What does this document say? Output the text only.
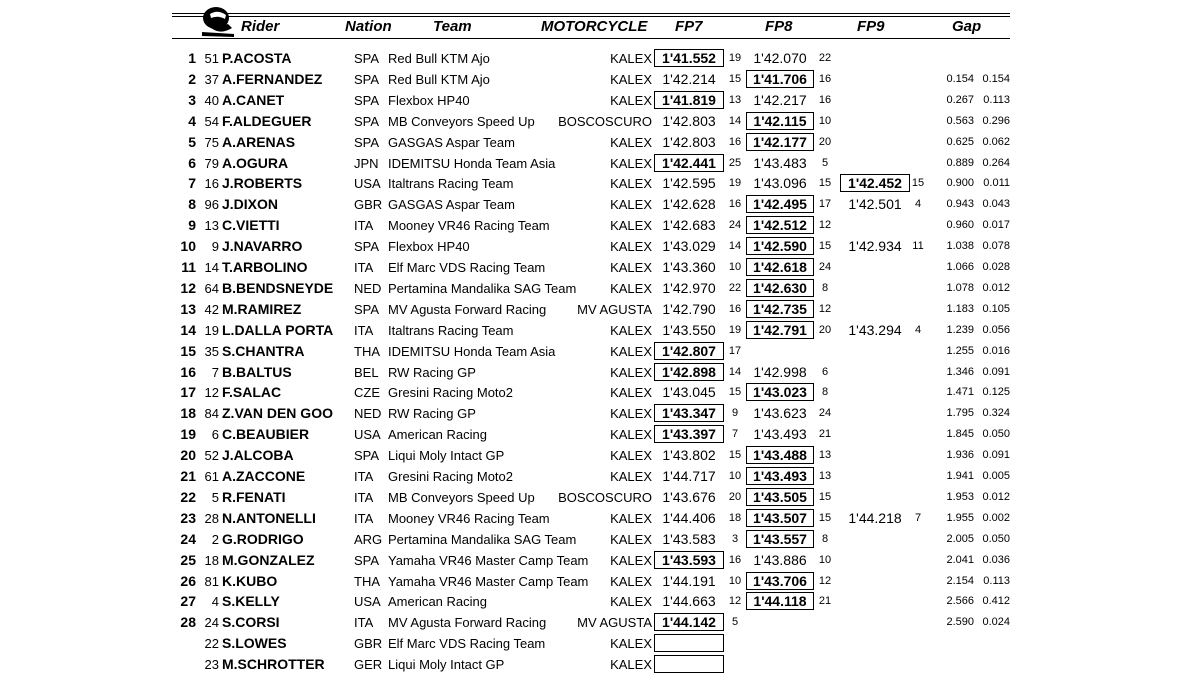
Rider	Nation	Team	MOTORCYCLE FP7	FP8	FP9	Gap
1 51 P.ACOSTA	SPA Red Bull KTM Ajo	KALEX 1'41.552	19 1'42.070	22
2 37 A.FERNANDEZ SPA Red Bull KTM Ajo	KALEX 1'42.214	15 1'41.706	16	0.154 0.154
3 40 A.CANET	SPA Flexbox HP40	KALEX 1'41.819	13 1'42.217	16	0.267 0.113
4 54 F.ALDEGUER	SPA MB Conveyors Speed Up	BOSCOSCURO 1'42.803	14 1'42.115	10	0.563 0.296
5 75 A.ARENAS	SPA GASGAS Aspar Team	KALEX 1'42.803	16 1'42.177	20	0.625 0.062
6 79 A.OGURA	JPN IDEMITSU Honda Team Asia	KALEX 1'42.441	25 1'43.483	5	0.889 0.264
7 16 J.ROBERTS	USA Italtrans Racing Team	KALEX 1'42.595	19 1'43.096	15	1'42.452 15	0.900 0.011
8 96 J.DIXON	GBR GASGAS Aspar Team	KALEX 1'42.628	16 1'42.495	17	1'42.501	4	0.943 0.043
9 13 C.VIETTI	ITA Mooney VR46 Racing Team	KALEX 1'42.683	24 1'42.512	12	0.960 0.017
10	9 J.NAVARRO	SPA Flexbox HP40	KALEX 1'43.029	14 1'42.590	15	1'42.934 11	1.038 0.078
11 14 T.ARBOLINO	ITA Elf Marc VDS Racing Team	KALEX 1'43.360	10 1'42.618	24	1.066 0.028
12 64 B.BENDSNEYDE NED Pertamina Mandalika SAG Team	KALEX 1'42.970	22 1'42.630	8	1.078 0.012
13 42 M.RAMIREZ	SPA MV Agusta Forward Racing	MV AGUSTA 1'42.790	16 1'42.735	12	1.183 0.105
14 19 L.DALLA PORTA ITA Italtrans Racing Team	KALEX 1'43.550	19 1'42.791	20	1'43.294	4	1.239 0.056
15 35 S.CHANTRA	THA IDEMITSU Honda Team Asia	KALEX 1'42.807	17	1.255 0.016
16	7 B.BALTUS	BEL RW Racing GP	KALEX 1'42.898	14 1'42.998	6	1.346 0.091
17 12 F.SALAC	CZE Gresini Racing Moto2	KALEX 1'43.045	15 1'43.023	8	1.471 0.125
18 84 Z.VAN DEN GOO NED RW Racing GP	KALEX 1'43.347	9	1'43.623	24	1.795 0.324
19	6 C.BEAUBIER	USA American Racing	KALEX 1'43.397	7	1'43.493	21	1.845 0.050
20 52 J.ALCOBA	SPA Liqui Moly Intact GP	KALEX 1'43.802	15 1'43.488	13	1.936 0.091
21 61 A.ZACCONE	ITA Gresini Racing Moto2	KALEX 1'44.717	10 1'43.493	13	1.941 0.005
22	5 R.FENATI	ITA MB Conveyors Speed Up	BOSCOSCURO 1'43.676	20 1'43.505	15	1.953 0.012
23 28 N.ANTONELLI	ITA Mooney VR46 Racing Team	KALEX 1'44.406	18 1'43.507	15	1'44.218	7	1.955 0.002
24	2 G.RODRIGO	ARG Pertamina Mandalika SAG Team	KALEX 1'43.583	3	1'43.557	8	2.005 0.050
25 18 M.GONZALEZ	SPA Yamaha VR46 Master Camp Team	KALEX 1'43.593	16 1'43.886	10	2.041 0.036
26 81 K.KUBO	THA Yamaha VR46 Master Camp Team	KALEX 1'44.191	10 1'43.706	12	2.154 0.113
27	4 S.KELLY	USA American Racing	KALEX 1'44.663	12 1'44.118	21	2.566 0.412
28 24 S.CORSI	ITA MV Agusta Forward Racing	MV AGUSTA 1'44.142	5	2.590 0.024
22 S.LOWES	GBR Elf Marc VDS Racing Team	KALEX
23 M.SCHROTTER GER Liqui Moly Intact GP	KALEX
